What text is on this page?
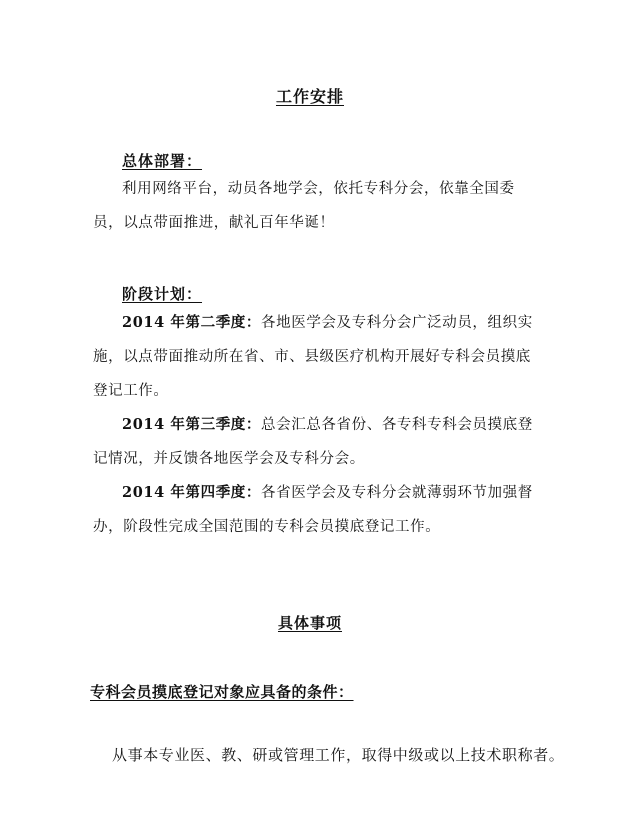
工作安排
总体部署：
利用网络平台，动员各地学会，依托专科分会，依靠全国委员，以点带面推进，献礼百年华诞！
阶段计划：
2014 年第二季度：各地医学会及专科分会广泛动员，组织实施，以点带面推动所在省、市、县级医疗机构开展好专科会员摸底登记工作。
2014 年第三季度：总会汇总各省份、各专科专科会员摸底登记情况，并反馈各地医学会及专科分会。
2014 年第四季度：各省医学会及专科分会就薄弱环节加强督办，阶段性完成全国范围的专科会员摸底登记工作。
具体事项
专科会员摸底登记对象应具备的条件：
从事本专业医、教、研或管理工作，取得中级或以上技术职称者。
